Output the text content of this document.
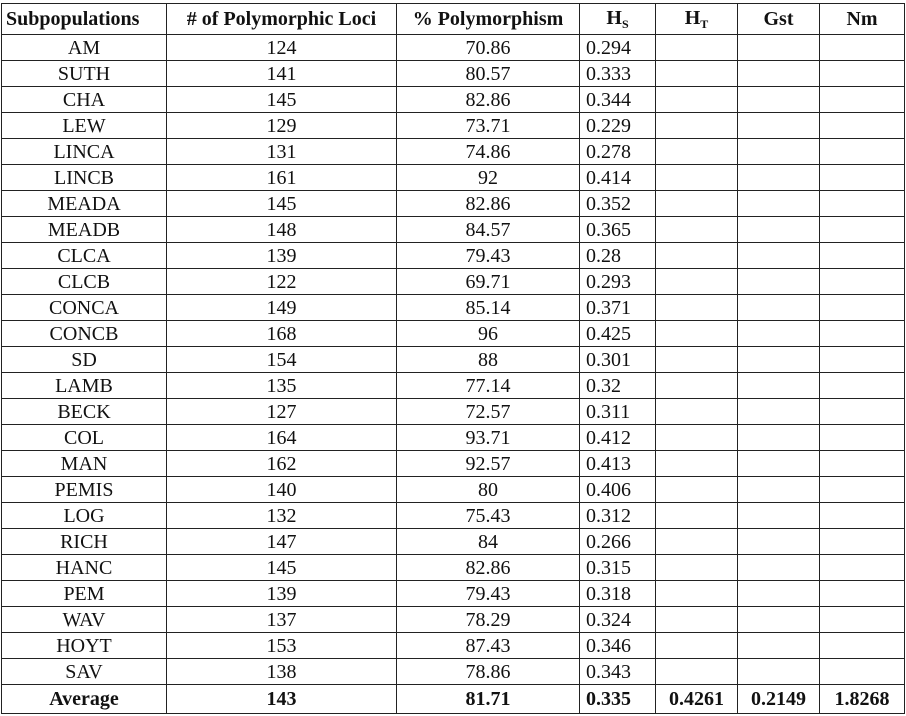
Subpopulations	# of Polymorphic Loci	% Polymorphism	$H_S$	$H_T$	Gst	Nm
AM	124	70.86	0.294			
SUTH	141	80.57	0.333			
CHA	145	82.86	0.344			
LEW	129	73.71	0.229			
LINCA	131	74.86	0.278			
LINCB	161	92	0.414			
MEADA	145	82.86	0.352			
MEADB	148	84.57	0.365			
CLCA	139	79.43	0.28			
CLCB	122	69.71	0.293			
CONCA	149	85.14	0.371			
CONCB	168	96	0.425			
SD	154	88	0.301			
LAMB	135	77.14	0.32			
BECK	127	72.57	0.311			
COL	164	93.71	0.412			
MAN	162	92.57	0.413			
PEMIS	140	80	0.406			
LOG	132	75.43	0.312			
RICH	147	84	0.266			
HANC	145	82.86	0.315			
PEM	139	79.43	0.318			
WAV	137	78.29	0.324			
HOYT	153	87.43	0.346			
SAV	138	78.86	0.343			
Average	143	81.71	0.335	0.4261	0.2149	1.8268
